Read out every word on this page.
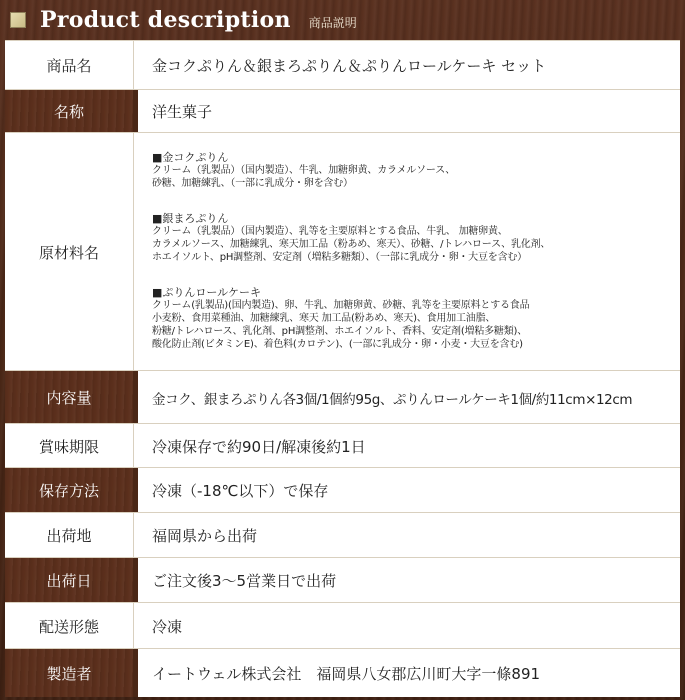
Product description 商品説明
商品名	金コクぷりん＆銀まろぷりん＆ぷりんロールケーキ セット
名称	洋生菓子
原材料名
■金コクぷりん
クリーム（乳製品）（国内製造）、牛乳、加糖卵黄、カラメルソース、
砂糖、加糖練乳、（一部に乳成分・卵を含む）
■銀まろぷりん
クリーム（乳製品）（国内製造）、乳等を主要原料とする食品、牛乳、 加糖卵黄、
カラメルソース、加糖練乳、寒天加工品（粉あめ、寒天）、砂糖、/トレハロース、乳化剤、
ホエイソルト、pH調整剤、安定剤（増粘多糖類）、（一部に乳成分・卵・大豆を含む）
■ぷりんロールケーキ
クリーム(乳製品)(国内製造)、卵、牛乳、加糖卵黄、砂糖、乳等を主要原料とする食品
小麦粉、食用菜種油、加糖練乳、寒天 加工品(粉あめ、寒天)、食用加工油脂、
粉糖/トレハロース、乳化剤、pH調整剤、ホエイソルト、香料、安定剤(増粘多糖類)、
酸化防止剤(ビタミンE)、着色料(カロテン)、(一部に乳成分・卵・小麦・大豆を含む)
内容量	金コク、銀まろぷりん各3個/1個約95g、ぷりんロールケーキ1個/約11cm×12cm
賞味期限	冷凍保存で約90日/解凍後約1日
保存方法	冷凍（-18℃以下）で保存
出荷地	福岡県から出荷
出荷日	ご注文後3～5営業日で出荷
配送形態	冷凍
製造者	イートウェル株式会社　福岡県八女郡広川町大字一條891
